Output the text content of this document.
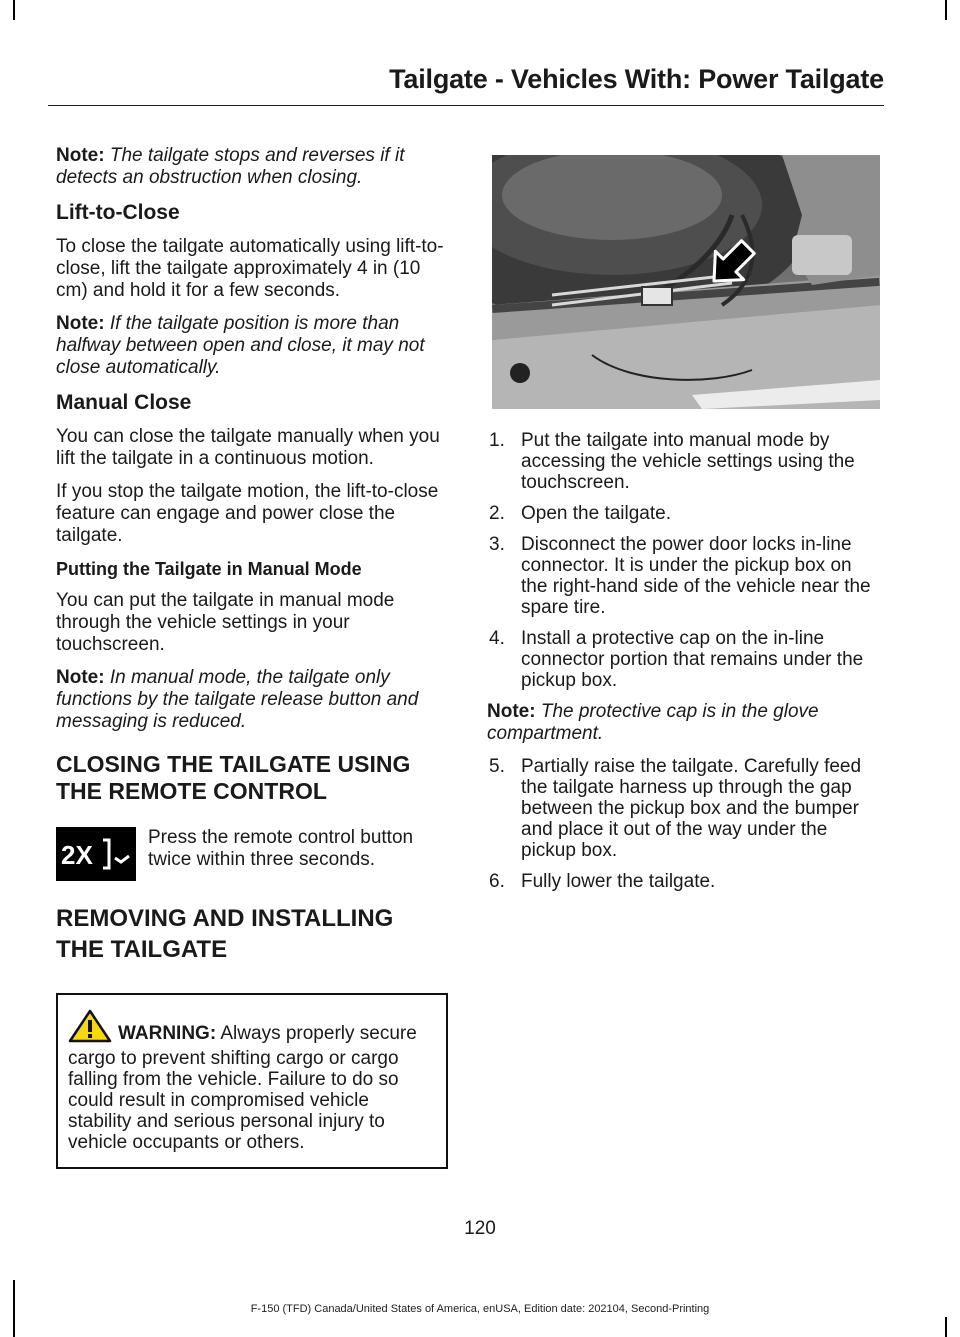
Tailgate - Vehicles With: Power Tailgate

Note: The tailgate stops and reverses if it detects an obstruction when closing.

Lift-to-Close

To close the tailgate automatically using lift-to-close, lift the tailgate approximately 4 in (10 cm) and hold it for a few seconds.

Note: If the tailgate position is more than halfway between open and close, it may not close automatically.

Manual Close

You can close the tailgate manually when you lift the tailgate in a continuous motion.

If you stop the tailgate motion, the lift-to-close feature can engage and power close the tailgate.

Putting the Tailgate in Manual Mode

You can put the tailgate in manual mode through the vehicle settings in your touchscreen.

Note: In manual mode, the tailgate only functions by the tailgate release button and messaging is reduced.

CLOSING THE TAILGATE USING THE REMOTE CONTROL
2X

Press the remote control button twice within three seconds.

REMOVING AND INSTALLING
THE TAILGATE
WARNING: Always properly secure cargo to prevent shifting cargo or cargo falling from the vehicle. Failure to do so could result in compromised vehicle stability and serious personal injury to vehicle occupants or others.
1. Put the tailgate into manual mode by accessing the vehicle settings using the touchscreen.
2. Open the tailgate.
3. Disconnect the power door locks in-line connector. It is under the pickup box on the right-hand side of the vehicle near the spare tire.
4. Install a protective cap on the in-line connector portion that remains under the pickup box.

Note: The protective cap is in the glove compartment.

5. Partially raise the tailgate. Carefully feed the tailgate harness up through the gap between the pickup box and the bumper and place it out of the way under the pickup box.
6. Fully lower the tailgate.
120
F-150 (TFD) Canada/United States of America, enUSA, Edition date: 202104, Second-Printing
